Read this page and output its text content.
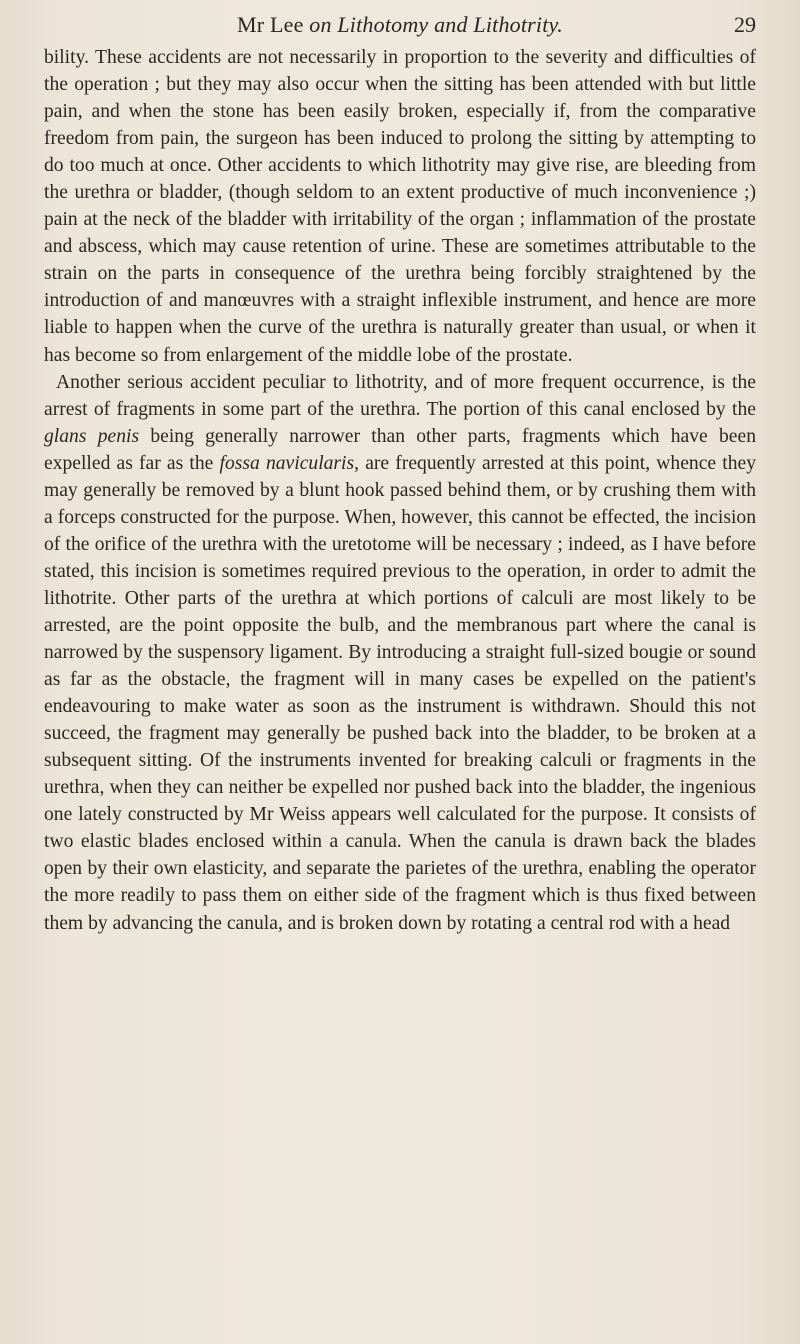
Mr Lee on Lithotomy and Lithotrity.	29

bility. These accidents are not necessarily in proportion to the severity and difficulties of the operation ; but they may also occur when the sitting has been attended with but little pain, and when the stone has been easily broken, especially if, from the comparative freedom from pain, the surgeon has been induced to prolong the sitting by attempting to do too much at once. Other accidents to which lithotrity may give rise, are bleeding from the urethra or bladder, (though seldom to an extent productive of much inconvenience ;) pain at the neck of the bladder with irritability of the organ ; inflammation of the prostate and abscess, which may cause retention of urine. These are sometimes attributable to the strain on the parts in consequence of the urethra being forcibly straightened by the introduction of and manœuvres with a straight inflexible instrument, and hence are more liable to happen when the curve of the urethra is naturally greater than usual, or when it has become so from enlargement of the middle lobe of the prostate.

Another serious accident peculiar to lithotrity, and of more frequent occurrence, is the arrest of fragments in some part of the urethra. The portion of this canal enclosed by the glans penis being generally narrower than other parts, fragments which have been expelled as far as the fossa navicularis, are frequently arrested at this point, whence they may generally be removed by a blunt hook passed behind them, or by crushing them with a forceps constructed for the purpose. When, however, this cannot be effected, the incision of the orifice of the urethra with the uretotome will be necessary ; indeed, as I have before stated, this incision is sometimes required previous to the operation, in order to admit the lithotrite. Other parts of the urethra at which portions of calculi are most likely to be arrested, are the point opposite the bulb, and the membranous part where the canal is narrowed by the suspensory ligament. By introducing a straight full-sized bougie or sound as far as the obstacle, the fragment will in many cases be expelled on the patient's endeavouring to make water as soon as the instrument is withdrawn. Should this not succeed, the fragment may generally be pushed back into the bladder, to be broken at a subsequent sitting. Of the instruments invented for breaking calculi or fragments in the urethra, when they can neither be expelled nor pushed back into the bladder, the ingenious one lately constructed by Mr Weiss appears well calculated for the purpose. It consists of two elastic blades enclosed within a canula. When the canula is drawn back the blades open by their own elasticity, and separate the parietes of the urethra, enabling the operator the more readily to pass them on either side of the fragment which is thus fixed between them by advancing the canula, and is broken down by rotating a central rod with a head
